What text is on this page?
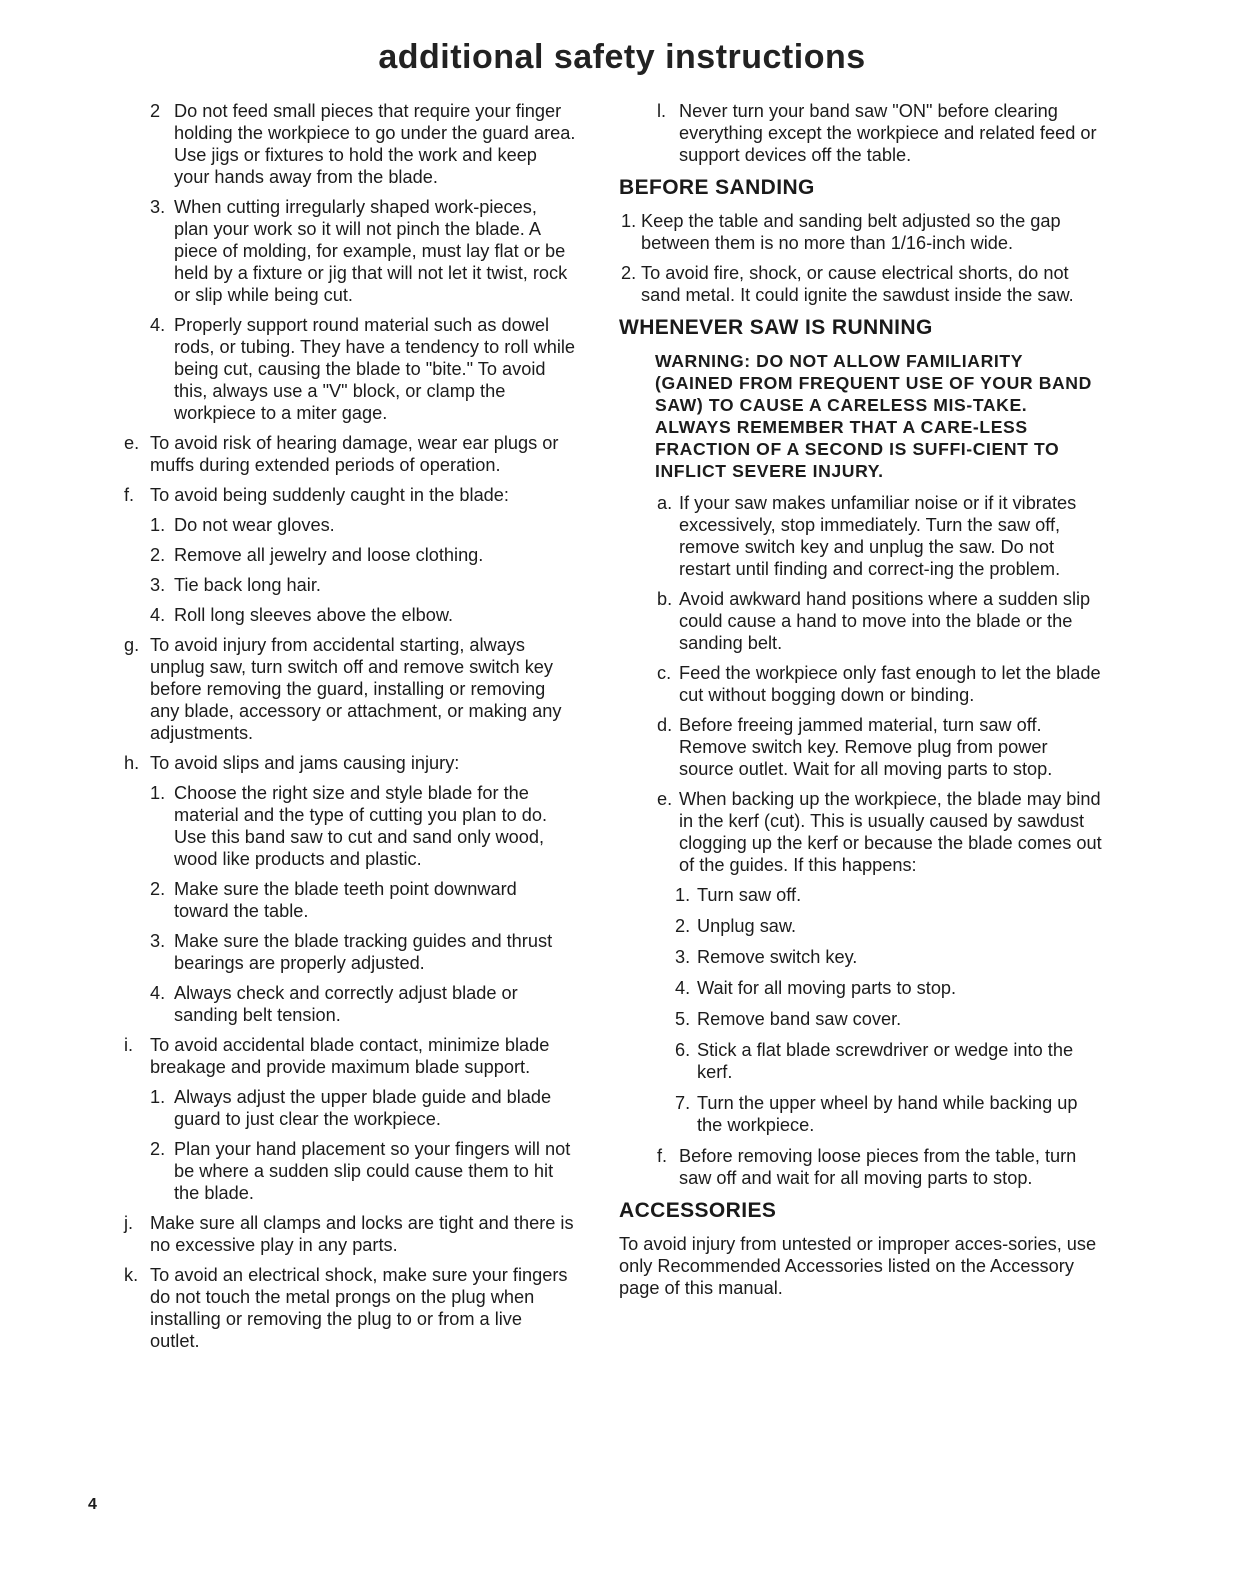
additional safety instructions
2 Do not feed small pieces that require your finger holding the workpiece to go under the guard area. Use jigs or fixtures to hold the work and keep your hands away from the blade.
3. When cutting irregularly shaped work-pieces, plan your work so it will not pinch the blade. A piece of molding, for example, must lay flat or be held by a fixture or jig that will not let it twist, rock or slip while being cut.
4. Properly support round material such as dowel rods, or tubing. They have a tendency to roll while being cut, causing the blade to "bite." To avoid this, always use a "V" block, or clamp the workpiece to a miter gage.
e. To avoid risk of hearing damage, wear ear plugs or muffs during extended periods of operation.
f. To avoid being suddenly caught in the blade:
1. Do not wear gloves.
2. Remove all jewelry and loose clothing.
3. Tie back long hair.
4. Roll long sleeves above the elbow.
g. To avoid injury from accidental starting, always unplug saw, turn switch off and remove switch key before removing the guard, installing or removing any blade, accessory or attachment, or making any adjustments.
h. To avoid slips and jams causing injury:
1. Choose the right size and style blade for the material and the type of cutting you plan to do. Use this band saw to cut and sand only wood, wood like products and plastic.
2. Make sure the blade teeth point downward toward the table.
3. Make sure the blade tracking guides and thrust bearings are properly adjusted.
4. Always check and correctly adjust blade or sanding belt tension.
i. To avoid accidental blade contact, minimize blade breakage and provide maximum blade support.
1. Always adjust the upper blade guide and blade guard to just clear the workpiece.
2. Plan your hand placement so your fingers will not be where a sudden slip could cause them to hit the blade.
j. Make sure all clamps and locks are tight and there is no excessive play in any parts.
k. To avoid an electrical shock, make sure your fingers do not touch the metal prongs on the plug when installing or removing the plug to or from a live outlet.
l. Never turn your band saw "ON" before clearing everything except the workpiece and related feed or support devices off the table.
BEFORE SANDING
1. Keep the table and sanding belt adjusted so the gap between them is no more than 1/16-inch wide.
2. To avoid fire, shock, or cause electrical shorts, do not sand metal. It could ignite the sawdust inside the saw.
WHENEVER SAW IS RUNNING
WARNING: DO NOT ALLOW FAMILIARITY (GAINED FROM FREQUENT USE OF YOUR BAND SAW) TO CAUSE A CARELESS MIS-TAKE. ALWAYS REMEMBER THAT A CARE-LESS FRACTION OF A SECOND IS SUFFI-CIENT TO INFLICT SEVERE INJURY.
a. If your saw makes unfamiliar noise or if it vibrates excessively, stop immediately. Turn the saw off, remove switch key and unplug the saw. Do not restart until finding and correct-ing the problem.
b. Avoid awkward hand positions where a sudden slip could cause a hand to move into the blade or the sanding belt.
c. Feed the workpiece only fast enough to let the blade cut without bogging down or binding.
d. Before freeing jammed material, turn saw off. Remove switch key. Remove plug from power source outlet. Wait for all moving parts to stop.
e. When backing up the workpiece, the blade may bind in the kerf (cut). This is usually caused by sawdust clogging up the kerf or because the blade comes out of the guides. If this happens:
1. Turn saw off.
2. Unplug saw.
3. Remove switch key.
4. Wait for all moving parts to stop.
5. Remove band saw cover.
6. Stick a flat blade screwdriver or wedge into the kerf.
7. Turn the upper wheel by hand while backing up the workpiece.
f. Before removing loose pieces from the table, turn saw off and wait for all moving parts to stop.
ACCESSORIES

To avoid injury from untested or improper acces-sories, use only Recommended Accessories listed on the Accessory page of this manual.

4
